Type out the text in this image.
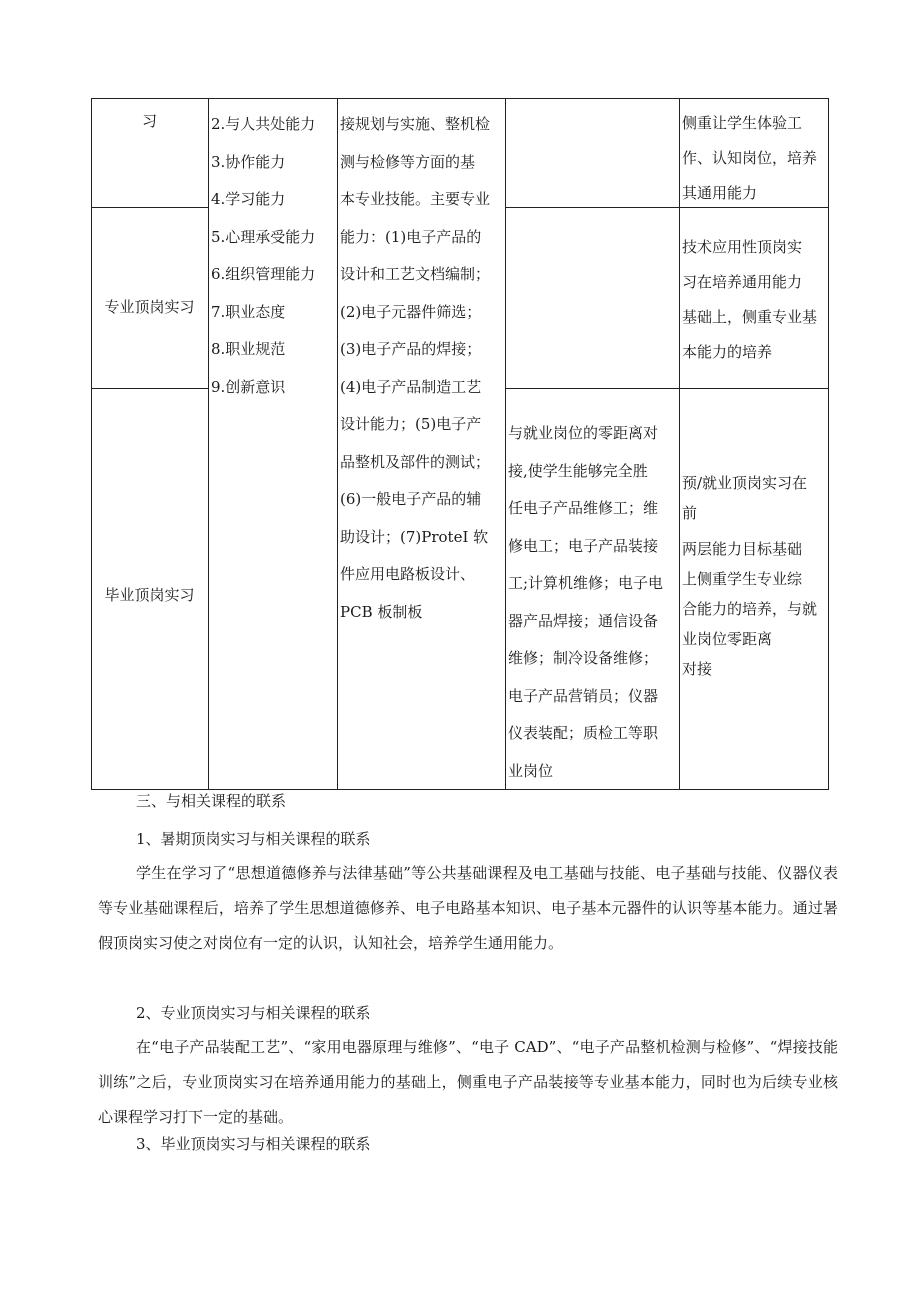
习
专业顶岗实习
毕业顶岗实习
2.与人共处能力
3.协作能力
4.学习能力
5.心理承受能力
6.组织管理能力
7.职业态度
8.职业规范
9.创新意识
接规划与实施、整机检
测与检修等方面的基
本专业技能。主要专业
能力：(1)电子产品的
设计和工艺文档编制；
(2)电子元器件筛选；
(3)电子产品的焊接；
(4)电子产品制造工艺
设计能力；(5)电子产
品整机及部件的测试；
(6)一般电子产品的辅
助设计；(7)ProteI 软
件应用电路板设计、
PCB 板制板
与就业岗位的零距离对
接,使学生能够完全胜
任电子产品维修工；维
修电工；电子产品装接
工;计算机维修；电子电
器产品焊接；通信设备
维修；制冷设备维修；
电子产品营销员；仪器
仪表装配；质检工等职
业岗位
侧重让学生体验工
作、认知岗位，培养
其通用能力
技术应用性顶岗实
习在培养通用能力
基础上，侧重专业基
本能力的培养
预/就业顶岗实习在
前
两层能力目标基础
上侧重学生专业综
合能力的培养，与就
业岗位零距离
对接
三、与相关课程的联系
1、暑期顶岗实习与相关课程的联系
学生在学习了“思想道德修养与法律基础”等公共基础课程及电工基础与技能、电子基础与技能、仪器仪表等专业基础课程后，培养了学生思想道德修养、电子电路基本知识、电子基本元器件的认识等基本能力。通过暑假顶岗实习使之对岗位有一定的认识，认知社会，培养学生通用能力。
2、专业顶岗实习与相关课程的联系
在“电子产品装配工艺”、“家用电器原理与维修”、“电子 CAD”、“电子产品整机检测与检修”、“焊接技能训练”之后，专业顶岗实习在培养通用能力的基础上，侧重电子产品装接等专业基本能力，同时也为后续专业核心课程学习打下一定的基础。
3、毕业顶岗实习与相关课程的联系
